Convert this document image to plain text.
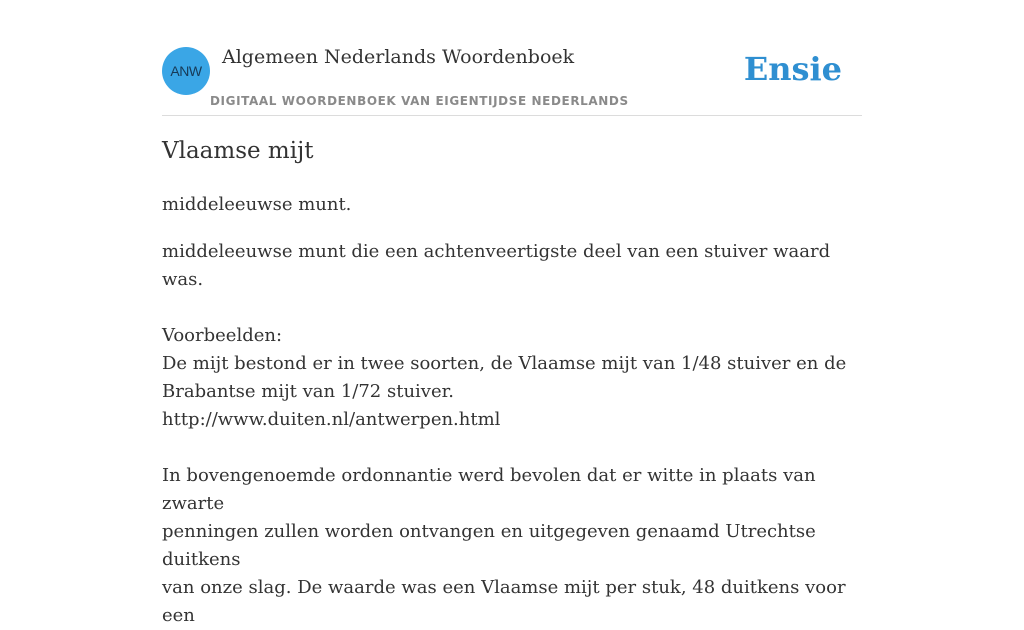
ANW
Algemeen Nederlands Woordenboek
DIGITAAL WOORDENBOEK VAN EIGENTIJDSE NEDERLANDS
Ensie
Vlaamse mijt
middeleeuwse munt.

middeleeuwse munt die een achtenveertigste deel van een stuiver waard was.

Voorbeelden:

De mijt bestond er in twee soorten, de Vlaamse mijt van 1/48 stuiver en de

Brabantse mijt van 1/72 stuiver.

http://www.duiten.nl/antwerpen.html

In bovengenoemde ordonnantie werd bevolen dat er witte in plaats van zwarte

penningen zullen worden ontvangen en uitgegeven genaamd Utrechtse duitkens

van onze slag. De waarde was een Vlaamse mijt per stuk, 48 duitkens voor een
